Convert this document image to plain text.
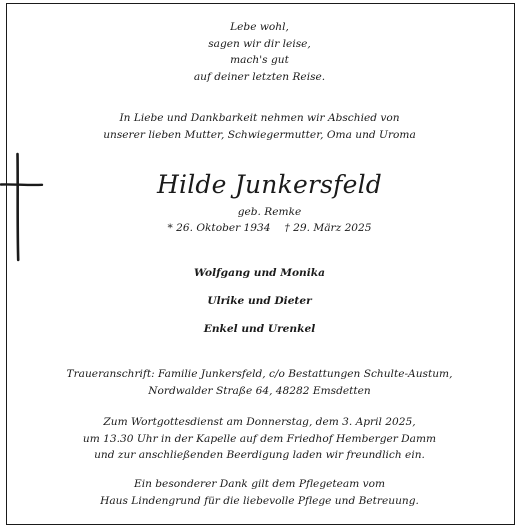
Lebe wohl,
sagen wir dir leise,
mach's gut
auf deiner letzten Reise.
In Liebe und Dankbarkeit nehmen wir Abschied von
unserer lieben Mutter, Schwiegermutter, Oma und Uroma
Hilde Junkersfeld
geb. Remke
* 26. Oktober 1934 † 29. März 2025
Wolfgang und Monika
Ulrike und Dieter
Enkel und Urenkel
Traueranschrift: Familie Junkersfeld, c/o Bestattungen Schulte-Austum,
Nordwalder Straße 64, 48282 Emsdetten
Zum Wortgottesdienst am Donnerstag, dem 3. April 2025,
um 13.30 Uhr in der Kapelle auf dem Friedhof Hemberger Damm
und zur anschließenden Beerdigung laden wir freundlich ein.
Ein besonderer Dank gilt dem Pflegeteam vom
Haus Lindengrund für die liebevolle Pflege und Betreuung.
